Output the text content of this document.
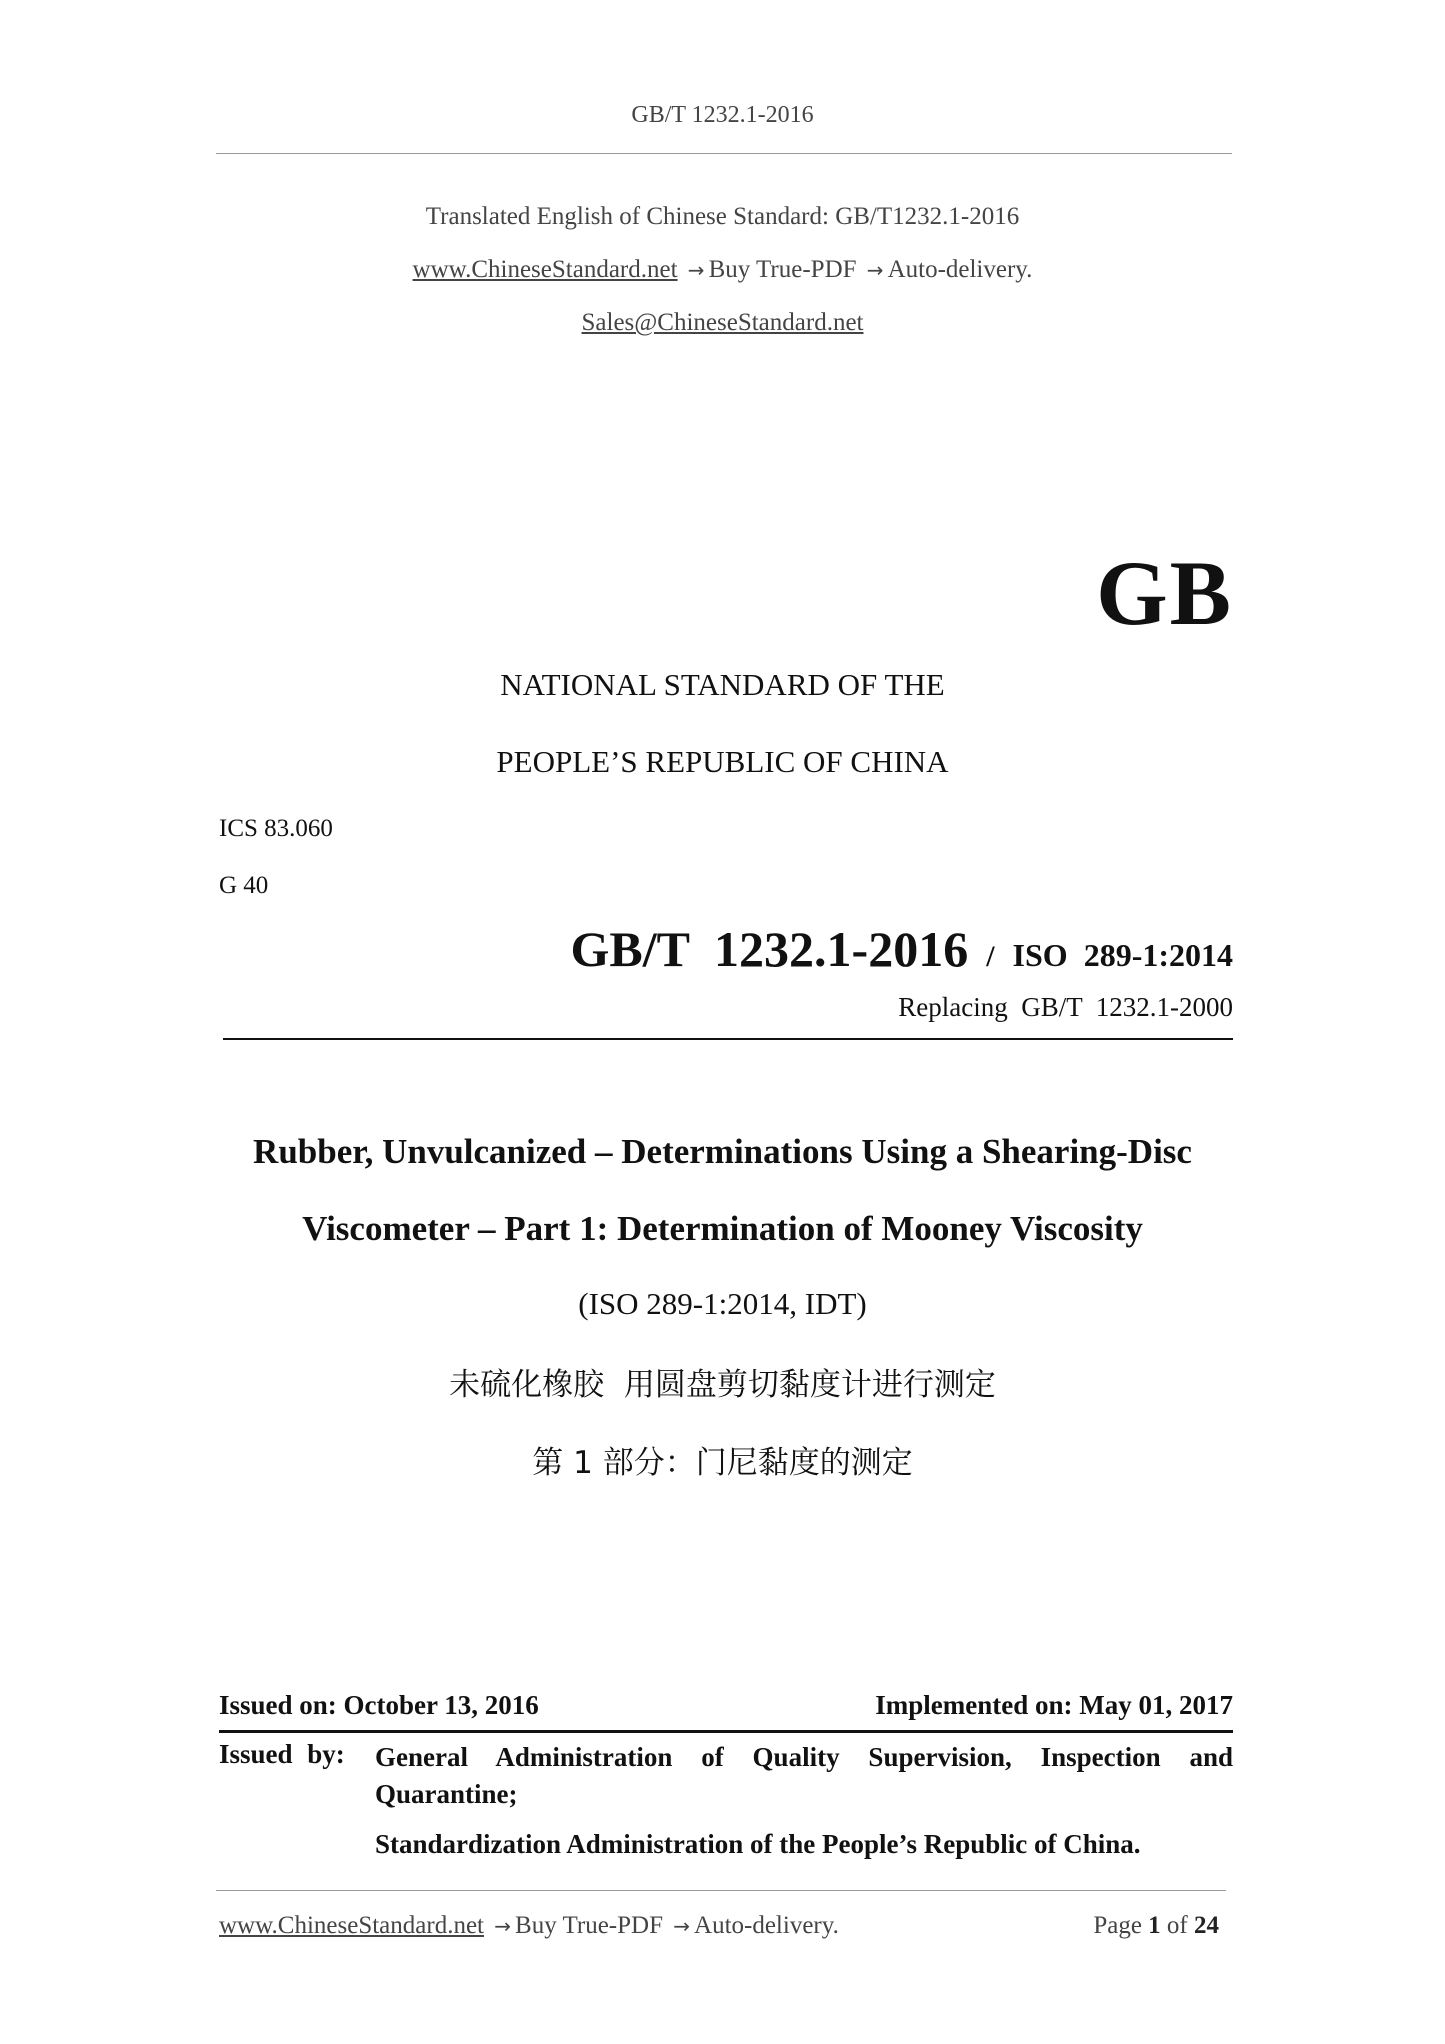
GB/T 1232.1-2016
Translated English of Chinese Standard: GB/T1232.1-2016
www.ChineseStandard.net → Buy True-PDF → Auto-delivery.
Sales@ChineseStandard.net
GB
NATIONAL STANDARD OF THE
PEOPLE’S REPUBLIC OF CHINA
ICS 83.060
G 40
GB/T  1232.1-2016 / ISO  289-1:2014
Replacing  GB/T  1232.1-2000
Rubber, Unvulcanized – Determinations Using a Shearing-Disc
Viscometer – Part 1: Determination of Mooney Viscosity
(ISO 289-1:2014, IDT)
未硫化橡胶  用圆盘剪切黏度计进行测定
第 1 部分：门尼黏度的测定
Issued on: October 13, 2016	Implemented on: May 01, 2017
Issued by: General Administration of Quality Supervision, Inspection and Quarantine;
Standardization Administration of the People’s Republic of China.
www.ChineseStandard.net → Buy True-PDF → Auto-delivery.	Page 1 of 24
